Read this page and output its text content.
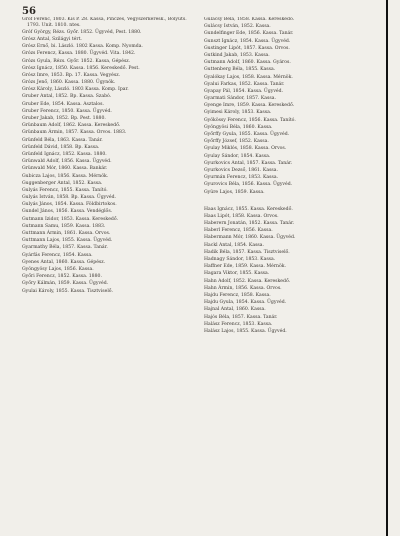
56
Gróf Ferenc, 1803. Kis P. 28. Kassa, Pinczés, Vegyszerkeresk., Bölyüts. 1793. Unit. 1810. ntes.
Gróf György, Rézs. Győr. 1852. Ügyvéd, Pest. 1880.
Grósz Antal, Szilágyi tért.
Grósz Ernő, bi. László. 1802 Kassa. Komp. Nyomda.
Grózs Ferencz, Kassa. 1880. Ügyvéd. Vita. 1842.
Grózs Gyula, Rézs. Győr. 1852. Kassa, Gépész.
Grósz Ignácz, 1850. Kassa. 1856. Kereskedő. Pest.
Grósz Imre, 1853. Bp. 17. Kassa. Vegyész.
Grózs Jenő, 1860. Kassa. 1880. Ügynök.
Grósz Károly, László. 1803 Kassa. Komp. Ipar.
Gruber Antal, 1852. Bp. Kassa. Szabó.
Gruber Ede, 1854. Kassa. Asztalos.
Gruber Ferencz, 1850. Kassa. Ügyvéd.
Gruber Jakab, 1852. Bp. Pest. 1880.
Grünbaum Adolf, 1862. Kassa. Kereskedő.
Grünbaum Ármin, 1857. Kassa. Orvos. 1883.
Grünfeld Béla, 1863. Kassa. Tanár.
Grünfeld Dávid, 1858. Bp. Kassa.
Grünfeld Ignácz, 1852. Kassa. 1880.
Grünwald Adolf, 1856. Kassa. Ügyvéd.
Grünwald Mór, 1860. Kassa. Bankár.
Gubicza Lajos, 1856. Kassa. Mérnök.
Guggenberger Antal, 1852. Kassa.
Gulyás Ferencz, 1855. Kassa. Tanító.
Gulyás István, 1858. Bp. Kassa. Ügyvéd.
Gulyás János, 1854. Kassa. Földbirtokos.
Gundel János, 1856. Kassa. Vendéglős.
Gutmann Izidor, 1853. Kassa. Kereskedő.
Gutmann Samu, 1859. Kassa. 1883.
Guttmann Ármin, 1861. Kassa. Orvos.
Guttmann Lajos, 1855. Kassa. Ügyvéd.
Gyarmathy Béla, 1857. Kassa. Tanár.
Gyárfás Ferencz, 1854. Kassa.
Gyenes Antal, 1860. Kassa. Gépész.
Gyöngyösy Lajos, 1856. Kassa.
Győri Ferencz, 1852. Kassa. 1880.
Győry Kálmán, 1859. Kassa. Ügyvéd.
Gyulai Károly, 1855. Kassa. Tisztviselő.
Gulácsy Béla, 1858. Kassa. Kereskedő.
Gulácsy István, 1852. Kassa.
Gundelfinger Ede, 1856. Kassa. Tanár.
Gunszt Ignácz, 1854. Kassa. Ügyvéd.
Gustinger Lipót, 1857. Kassa. Orvos.
Gutkind Jakab, 1853. Kassa.
Gutmann Adolf, 1860. Kassa. Gyáros.
Guttenberg Béla, 1855. Kassa.
Gyalókay Lajos, 1858. Kassa. Mérnök.
Gyalui Farkas, 1852. Kassa. Tanár.
Gyapay Pál, 1854. Kassa. Ügyvéd.
Gyarmati Sándor, 1857. Kassa.
Gyenge Imre, 1859. Kassa. Kereskedő.
Gyimesi Károly, 1853. Kassa.
Gyökössy Ferencz, 1856. Kassa. Tanító.
Gyöngyösi Béla, 1860. Kassa.
Győrffy Gyula, 1855. Kassa. Ügyvéd.
Győrffy József, 1852. Kassa.
Gyulay Miklós, 1858. Kassa. Orvos.
Gyulay Sándor, 1854. Kassa.
Gyurkovics Antal, 1857. Kassa. Tanár.
Gyurkovics Dezső, 1861. Kassa.
Gyurmán Ferencz, 1853. Kassa.
Gyurovics Béla, 1856. Kassa. Ügyvéd.
Gyüre Lajos, 1859. Kassa.
Haas Ignácz, 1855. Kassa. Kereskedő.
Haas Lipót, 1858. Kassa. Orvos.
Haberern Jonatán, 1852. Kassa. Tanár.
Haberl Ferencz, 1856. Kassa.
Habermann Mór, 1860. Kassa. Ügyvéd.
Hackl Antal, 1854. Kassa.
Hadik Béla, 1857. Kassa. Tisztviselő.
Hadnagy Sándor, 1853. Kassa.
Haffner Ede, 1859. Kassa. Mérnök.
Hagara Viktor, 1855. Kassa.
Hahn Adolf, 1852. Kassa. Kereskedő.
Hahn Ármin, 1856. Kassa. Orvos.
Hajdu Ferencz, 1858. Kassa.
Hajdu Gyula, 1854. Kassa. Ügyvéd.
Hajnal Antal, 1860. Kassa.
Hajós Béla, 1857. Kassa. Tanár.
Halász Ferencz, 1853. Kassa.
Halász Lajos, 1855. Kassa. Ügyvéd.
